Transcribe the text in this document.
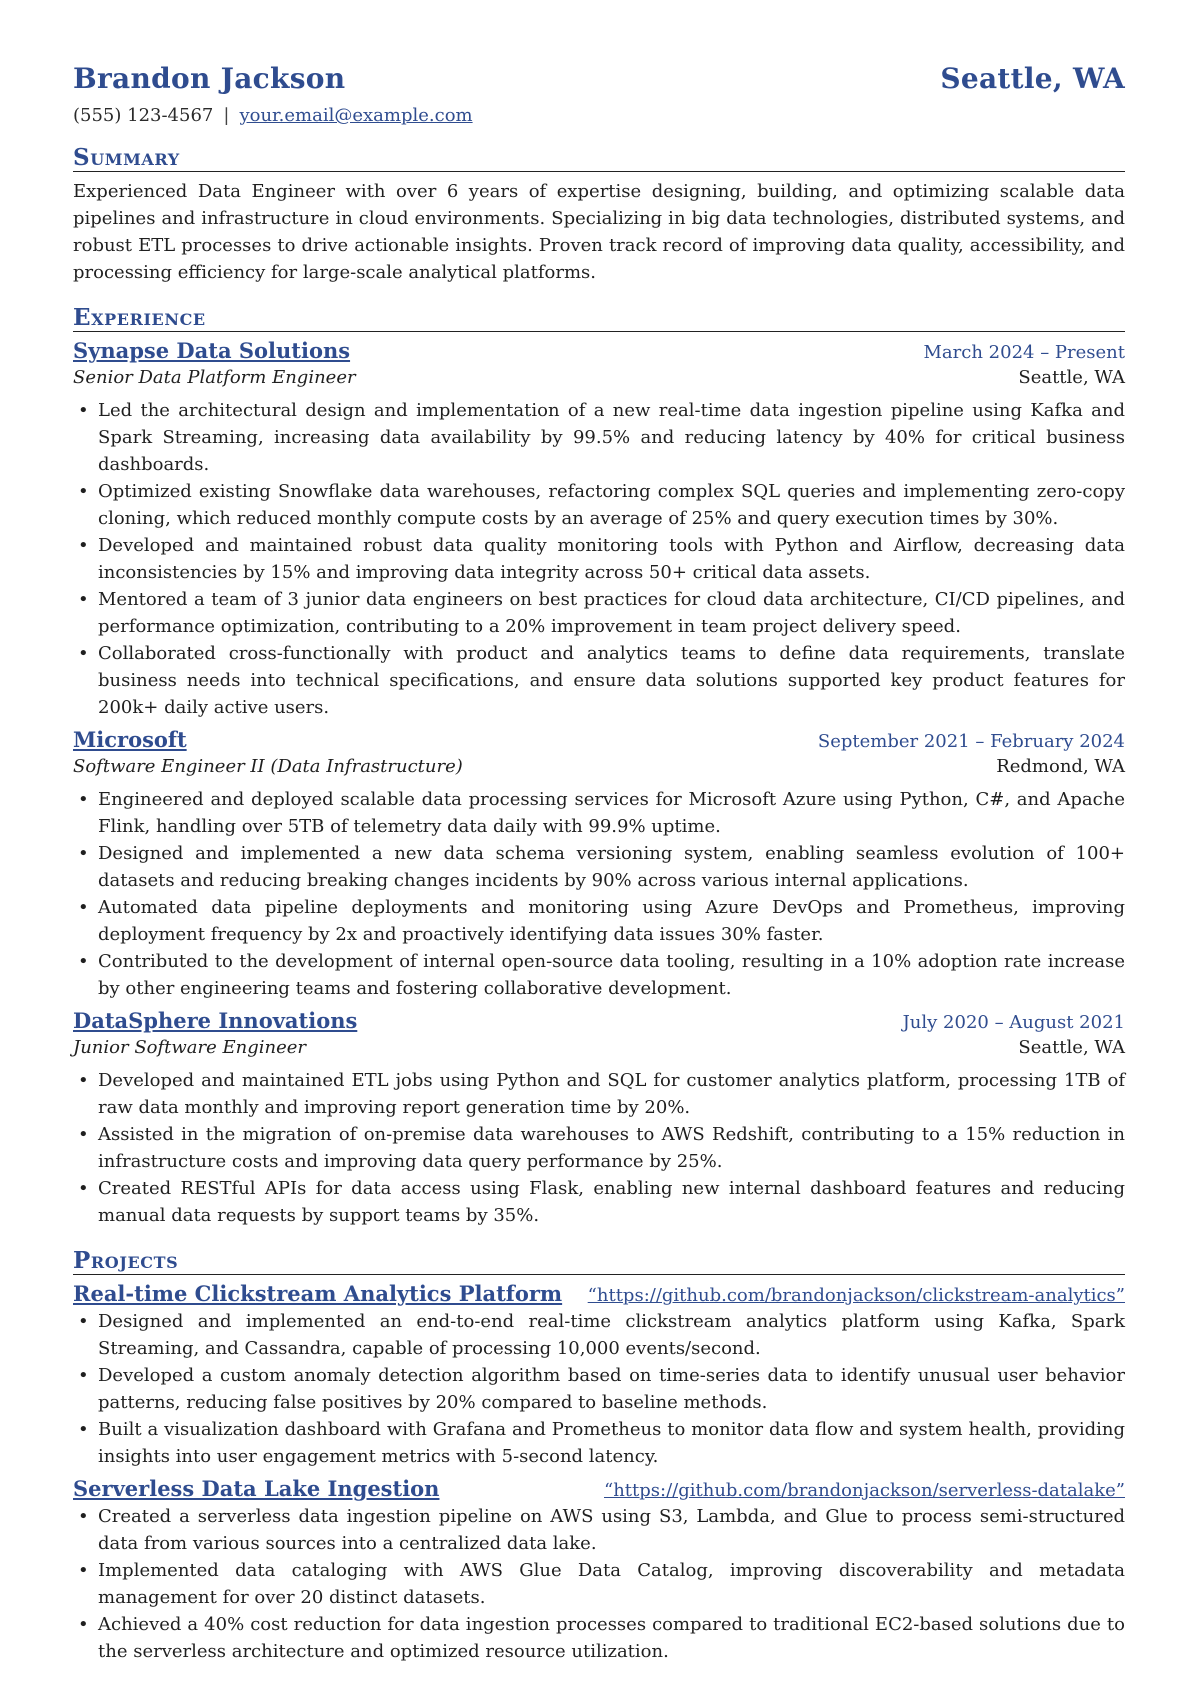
Brandon Jackson	Seattle, WA
(555) 123-4567 | your.email@example.com
Summary
Experienced Data Engineer with over 6 years of expertise designing, building, and optimizing scalable data pipelines and infrastructure in cloud environments. Specializing in big data technologies, distributed systems, and robust ETL processes to drive actionable insights. Proven track record of improving data quality, accessibility, and processing efficiency for large-scale analytical platforms.
Experience
Synapse Data Solutions	March 2024 – Present
Senior Data Platform Engineer	Seattle, WA
• Led the architectural design and implementation of a new real-time data ingestion pipeline using Kafka and Spark Streaming, increasing data availability by 99.5% and reducing latency by 40% for critical business dashboards.
• Optimized existing Snowflake data warehouses, refactoring complex SQL queries and implementing zero-copy cloning, which reduced monthly compute costs by an average of 25% and query execution times by 30%.
• Developed and maintained robust data quality monitoring tools with Python and Airflow, decreasing data inconsistencies by 15% and improving data integrity across 50+ critical data assets.
• Mentored a team of 3 junior data engineers on best practices for cloud data architecture, CI/CD pipelines, and performance optimization, contributing to a 20% improvement in team project delivery speed.
• Collaborated cross-functionally with product and analytics teams to define data requirements, translate business needs into technical specifications, and ensure data solutions supported key product features for 200k+ daily active users.
Microsoft	September 2021 – February 2024
Software Engineer II (Data Infrastructure)	Redmond, WA
• Engineered and deployed scalable data processing services for Microsoft Azure using Python, C#, and Apache Flink, handling over 5TB of telemetry data daily with 99.9% uptime.
• Designed and implemented a new data schema versioning system, enabling seamless evolution of 100+ datasets and reducing breaking changes incidents by 90% across various internal applications.
• Automated data pipeline deployments and monitoring using Azure DevOps and Prometheus, improving deployment frequency by 2x and proactively identifying data issues 30% faster.
• Contributed to the development of internal open-source data tooling, resulting in a 10% adoption rate increase by other engineering teams and fostering collaborative development.
DataSphere Innovations	July 2020 – August 2021
Junior Software Engineer	Seattle, WA
• Developed and maintained ETL jobs using Python and SQL for customer analytics platform, processing 1TB of raw data monthly and improving report generation time by 20%.
• Assisted in the migration of on-premise data warehouses to AWS Redshift, contributing to a 15% reduction in infrastructure costs and improving data query performance by 25%.
• Created RESTful APIs for data access using Flask, enabling new internal dashboard features and reducing manual data requests by support teams by 35%.
Projects
Real-time Clickstream Analytics Platform “https://github.com/brandonjackson/clickstream-analytics”
• Designed and implemented an end-to-end real-time clickstream analytics platform using Kafka, Spark Streaming, and Cassandra, capable of processing 10,000 events/second.
• Developed a custom anomaly detection algorithm based on time-series data to identify unusual user behavior patterns, reducing false positives by 20% compared to baseline methods.
• Built a visualization dashboard with Grafana and Prometheus to monitor data flow and system health, providing insights into user engagement metrics with 5-second latency.
Serverless Data Lake Ingestion	“https://github.com/brandonjackson/serverless-datalake”
• Created a serverless data ingestion pipeline on AWS using S3, Lambda, and Glue to process semi-structured data from various sources into a centralized data lake.
• Implemented data cataloging with AWS Glue Data Catalog, improving discoverability and metadata management for over 20 distinct datasets.
• Achieved a 40% cost reduction for data ingestion processes compared to traditional EC2-based solutions due to the serverless architecture and optimized resource utilization.
